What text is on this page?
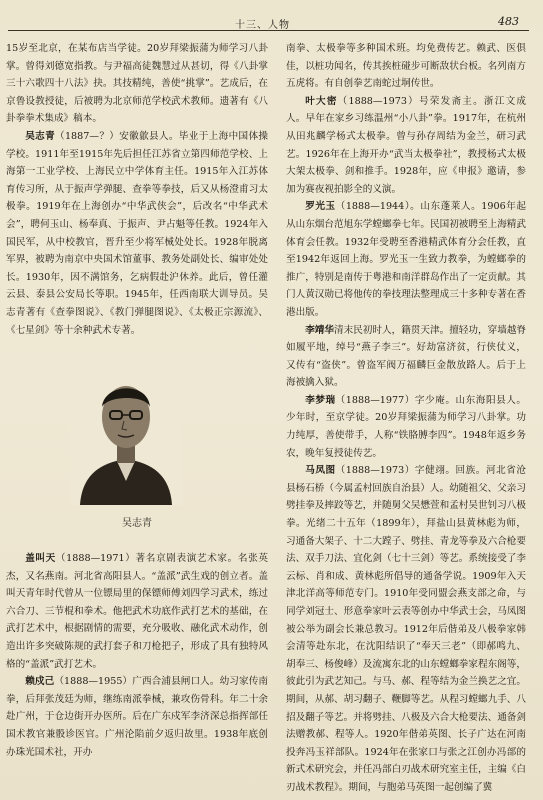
十三、人物	483

15岁至北京，在某布店当学徒。20岁拜梁振蒲为师学习八卦掌。曾得刘德宽指教。与尹福高徒魏慧过从甚切，得《八卦掌三十六歌四十八法》抉。其技精纯，善使“挑掌”。艺成后，在京鲁设教授徒，后被聘为北京师范学校武术教师。遗著有《八卦拳拳术集成》稿本。

吴志青（1887—？）安徽歙县人。毕业于上海中国体操学校。1911年至1915年先后担任江苏省立第四师范学校、上海第一工业学校、上海民立中学体育主任。1915年入江苏体育传习所，从于振声学弹腿、查拳等拳技，后又从杨澄甫习太极拳。1919年在上海创办“中华武侠会”，后改名“中华武术会”，聘何玉山、杨奉真、于振声、尹占魁等任教。1924年入国民军，从中校教官，晋升至少将军械处处长。1928年脱离军界，被聘为南京中央国术馆董事、教务处副处长、编审处处长。1930年，因不满馆务，乞病假赴沪休养。此后，曾任灌云县、泰县公安局长等职。1945年，任西南联大训导员。吴志青著有《查拳图说》、《教门弹腿图说》、《太极正宗源流》、《七星剑》等十余种武术专著。

吴志青

盖叫天（1888—1971）著名京剧表演艺术家。名张英杰，又名燕南。河北省高阳县人。“盖派”武生戏的创立者。盖叫天青年时代曾从一位镖局里的保镖师傅刘四学习武术，练过六合刀、三节棍和拳术。他把武术功底作武打艺术的基础，在武打艺术中，根据剧情的需要，充分吸收、融化武术动作，创造出许多突破陈规的武打套子和刀枪把子，形成了具有独特风格的“盖派”武打艺术。

赖戍己（1888—1955）广西合浦县闸口人。幼习家传南拳，后拜张茂廷为师，继练南派拳械，兼攻伤骨科。年二十余赴广州，于仓边街开办医所。后在广东戍军李济深总指挥部任国术教官兼骰诊医官。广州沦陷前夕返归故里。1938年底创办珠光国术社，开办

南拳、太极拳等多种国术班。均免费传艺。赖武、医俱佳，以桩功闻名，传其挨桩碰步可断敌状台板。名列南方五虎将。有自创拳艺南蛇过垌传世。

叶大密（1888—1973）号荣发斋主。浙江文成人。早年在家乡习练温州“小八卦”拳。1917年，在杭州从田兆麟学杨式太极拳。曾与孙存周结为金兰，研习武艺。1926年在上海开办“武当太极拳社”，教授杨式太极大架太极拳、剑和推手。1928年，应《申报》邀请，参加为赛夜视拍影全的义演。

罗光玉（1888—1944）。山东蓬莱人。1906年起从山东烟台范旭东学螳螂拳七年。民国初被聘至上海精武体育会任教。1932年受聘至香港精武体育分会任教，直至1942年返回上海。罗光玉一生致力教拳，为螳螂拳的推广，特别是南传于粤港和南洋群岛作出了一定贡献。其门人黄汉勋已将他传的拳技理法整理成三十多种专著在香港出版。

李靖华清末民初时人，籍贯天津。擅轻功，穿墙越脊如履平地，绰号“燕子李三”。好劫富济贫，行侠仗义，又传有“盗侠”。曾盗军阀万福麟巨金散放路人。后于上海被擒入狱。

李梦瑞（1888—1977）字少庵。山东海阳县人。少年时，至京学徒。20岁拜梁振蒲为师学习八卦掌。功力纯厚，善使带手，人称“铁胳膊李四”。1948年返乡务农，晚年复授徒传艺。

马凤图（1888—1973）字健翊。回族。河北省沧县杨石桥（今属孟村回族自治县）人。幼随祖父、父亲习劈挂拳及摔跤等艺，并随舅父吴懋萱和孟村吴世钊习八极拳。光绪二十五年（1899年），拜盐山县黄林彪为师，习通备大架子、十二大蹚子、劈挂、青龙等拳及六合枪要法、双手刀法、宜化剑（七十三剑）等艺。系统接受了李云标、肖和成、黄林彪所倡导的通备学说。1909年入天津北洋高等师范专门。1910年受同盟会燕支部之命，与同学刘冠士、形意拳家叶云表等创办中华武士会，马凤图被公举为副会长兼总教习。1912年后偕弟及八极拳家韩会清等赴东北，在沈阳结识了“奉天三老”（即郝鸣九、胡奉三、杨俊峰）及流寓东北的山东螳螂拳家程东阁等，彼此引为武艺知己。与马、郝、程等结为金兰换艺之宜。期间，从郝、胡习翻子、鞭脚等艺。从程习螳螂九手、八招及翻子等艺。并将劈挂、八极及六合大枪要法、通备剑法赠教郝、程等人。1920年偕弟英图、长子广达在河南投奔冯玉祥部队。1924年在张家口与张之江创办冯部的新式术研究会，并任冯部白刃战术研究室主任，主编《白刃战术教程》。期间，与胞弟马英图一起创编了冀
